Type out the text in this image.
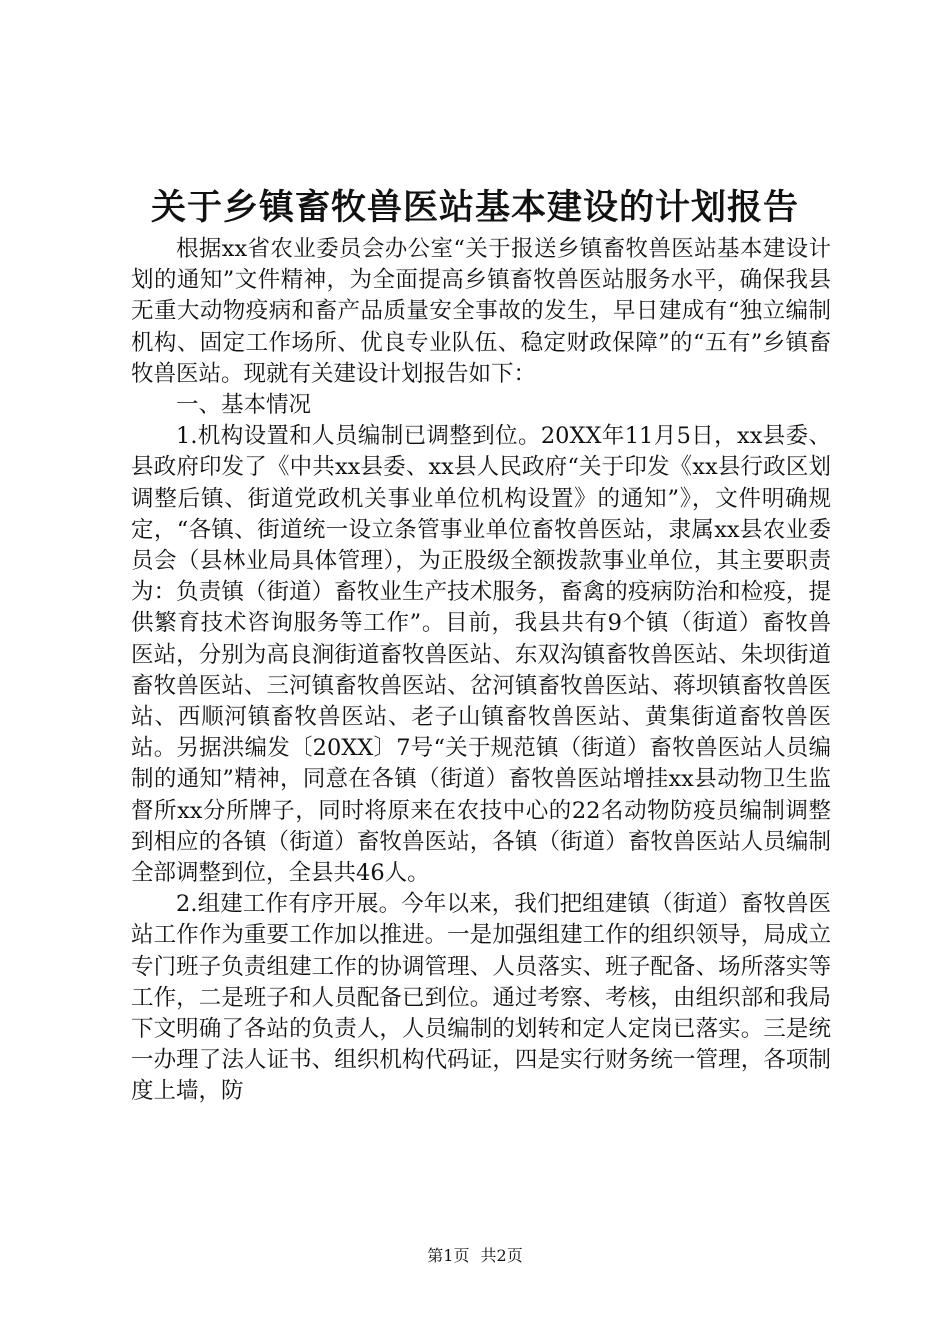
关于乡镇畜牧兽医站基本建设的计划报告

根据xx省农业委员会办公室“关于报送乡镇畜牧兽医站基本建设计划的通知”文件精神，为全面提高乡镇畜牧兽医站服务水平，确保我县无重大动物疫病和畜产品质量安全事故的发生，早日建成有“独立编制机构、固定工作场所、优良专业队伍、稳定财政保障”的“五有”乡镇畜牧兽医站。现就有关建设计划报告如下：

一、基本情况

1.机构设置和人员编制已调整到位。20XX年11月5日，xx县委、县政府印发了《中共xx县委、xx县人民政府“关于印发《xx县行政区划调整后镇、街道党政机关事业单位机构设置》的通知”》，文件明确规定，“各镇、街道统一设立条管事业单位畜牧兽医站，隶属xx县农业委员会（县林业局具体管理），为正股级全额拨款事业单位，其主要职责为：负责镇（街道）畜牧业生产技术服务，畜禽的疫病防治和检疫，提供繁育技术咨询服务等工作”。目前，我县共有9个镇（街道）畜牧兽医站，分别为高良涧街道畜牧兽医站、东双沟镇畜牧兽医站、朱坝街道畜牧兽医站、三河镇畜牧兽医站、岔河镇畜牧兽医站、蒋坝镇畜牧兽医站、西顺河镇畜牧兽医站、老子山镇畜牧兽医站、黄集街道畜牧兽医站。另据洪编发〔20XX〕7号“关于规范镇（街道）畜牧兽医站人员编制的通知”精神，同意在各镇（街道）畜牧兽医站增挂xx县动物卫生监督所xx分所牌子，同时将原来在农技中心的22名动物防疫员编制调整到相应的各镇（街道）畜牧兽医站，各镇（街道）畜牧兽医站人员编制全部调整到位，全县共46人。

2.组建工作有序开展。今年以来，我们把组建镇（街道）畜牧兽医站工作作为重要工作加以推进。一是加强组建工作的组织领导，局成立专门班子负责组建工作的协调管理、人员落实、班子配备、场所落实等工作，二是班子和人员配备已到位。通过考察、考核，由组织部和我局下文明确了各站的负责人，人员编制的划转和定人定岗已落实。三是统一办理了法人证书、组织机构代码证，四是实行财务统一管理，各项制度上墙，防

第1页 共2页
